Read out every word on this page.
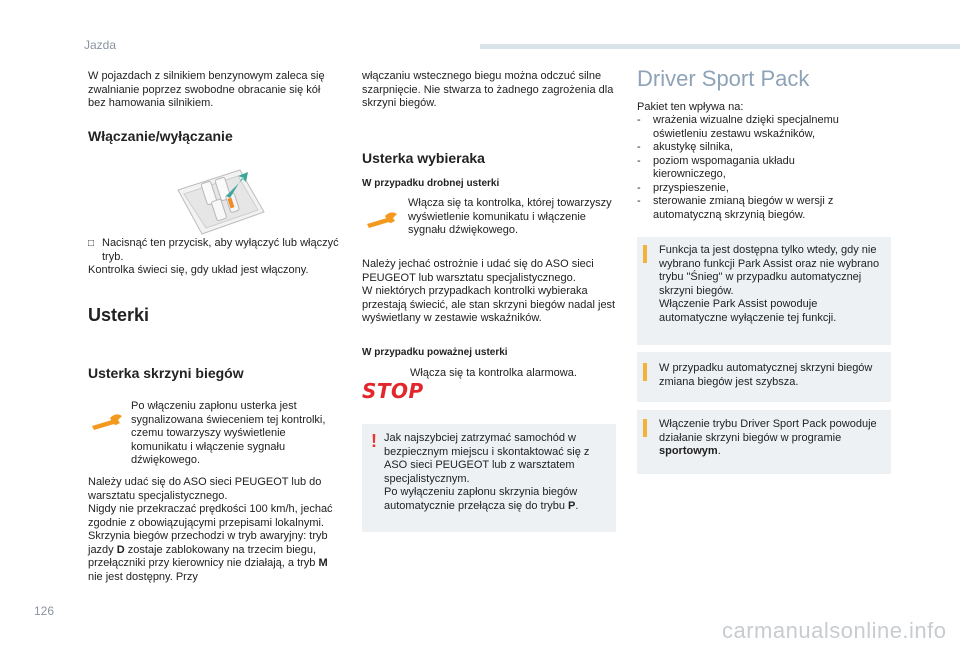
Jazda
W pojazdach z silnikiem benzynowym zaleca się zwalnianie poprzez swobodne obracanie się kół bez hamowania silnikiem.
Włączanie/wyłączanie
□ Nacisnąć ten przycisk, aby wyłączyć lub włączyć tryb.
Kontrolka świeci się, gdy układ jest włączony.
Usterki
Usterka skrzyni biegów
Po włączeniu zapłonu usterka jest sygnalizowana świeceniem tej kontrolki, czemu towarzyszy wyświetlenie komunikatu i włączenie sygnału dźwiękowego.
Należy udać się do ASO sieci PEUGEOT lub do warsztatu specjalistycznego.
Nigdy nie przekraczać prędkości 100 km/h, jechać zgodnie z obowiązującymi przepisami lokalnymi.
Skrzynia biegów przechodzi w tryb awaryjny: tryb jazdy D zostaje zablokowany na trzecim biegu, przełączniki przy kierownicy nie działają, a tryb M nie jest dostępny. Przy
włączaniu wstecznego biegu można odczuć silne szarpnięcie. Nie stwarza to żadnego zagrożenia dla skrzyni biegów.
Usterka wybieraka
W przypadku drobnej usterki
Włącza się ta kontrolka, której towarzyszy wyświetlenie komunikatu i włączenie sygnału dźwiękowego.
Należy jechać ostrożnie i udać się do ASO sieci PEUGEOT lub warsztatu specjalistycznego.
W niektórych przypadkach kontrolki wybieraka przestają świecić, ale stan skrzyni biegów nadal jest wyświetlany w zestawie wskaźników.
W przypadku poważnej usterki
STOP
Włącza się ta kontrolka alarmowa.
! Jak najszybciej zatrzymać samochód w bezpiecznym miejscu i skontaktować się z ASO sieci PEUGEOT lub z warsztatem specjalistycznym.
Po wyłączeniu zapłonu skrzynia biegów automatycznie przełącza się do trybu P.
Driver Sport Pack
Pakiet ten wpływa na:
- wrażenia wizualne dzięki specjalnemu oświetleniu zestawu wskaźników,
- akustykę silnika,
- poziom wspomagania układu kierowniczego,
- przyspieszenie,
- sterowanie zmianą biegów w wersji z automatyczną skrzynią biegów.
Funkcja ta jest dostępna tylko wtedy, gdy nie wybrano funkcji Park Assist oraz nie wybrano trybu "Śnieg" w przypadku automatycznej skrzyni biegów.
Włączenie Park Assist powoduje automatyczne wyłączenie tej funkcji.
W przypadku automatycznej skrzyni biegów zmiana biegów jest szybsza.
Włączenie trybu Driver Sport Pack powoduje działanie skrzyni biegów w programie sportowym.
126
carmanualsonline.info
